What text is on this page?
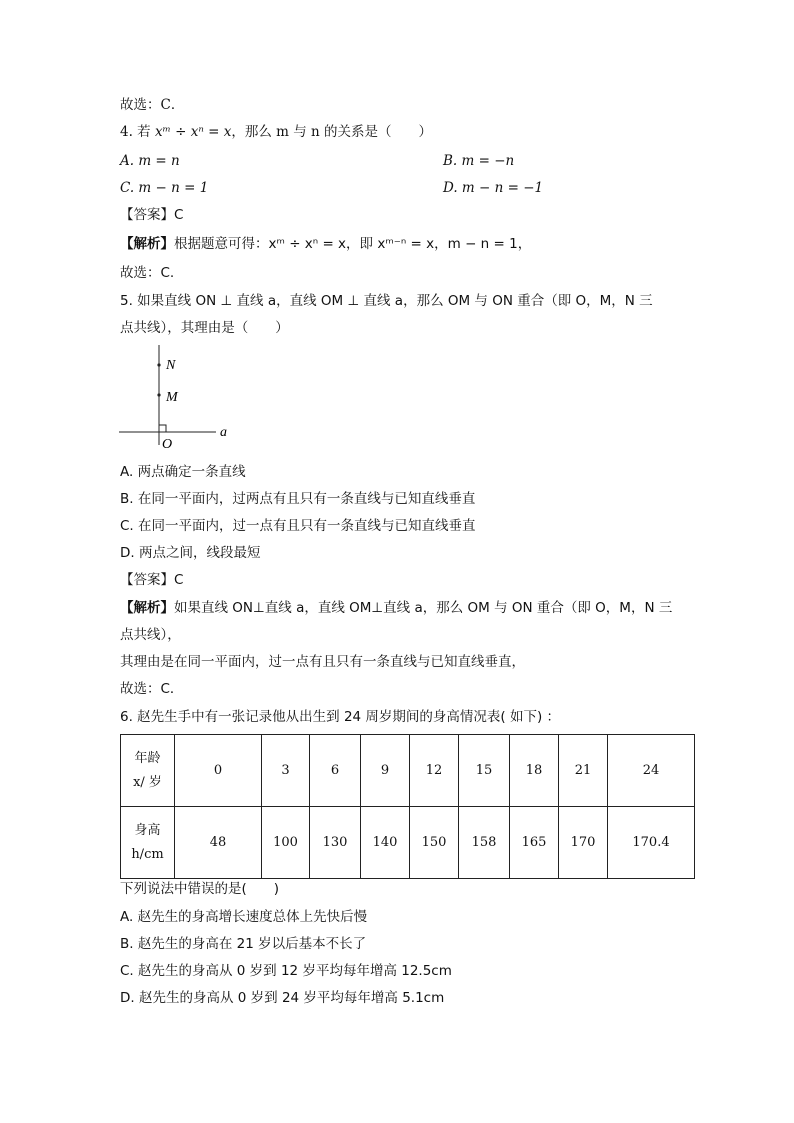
故选：C．
4. 若 xᵐ ÷ xⁿ = x，那么 m 与 n 的关系是（　　）
A. m = n	B. m = −n
C. m − n = 1	D. m − n = −1
【答案】C
【解析】根据题意可得：xᵐ ÷ xⁿ = x，即 xᵐ⁻ⁿ = x，m − n = 1，
故选：C.
5. 如果直线 ON ⊥ 直线 a，直线 OM ⊥ 直线 a，那么 OM 与 ON 重合（即 O，M，N 三
点共线），其理由是（　　）
N
M
O
a
A. 两点确定一条直线
B. 在同一平面内，过两点有且只有一条直线与已知直线垂直
C. 在同一平面内，过一点有且只有一条直线与已知直线垂直
D. 两点之间，线段最短
【答案】C
【解析】如果直线 ON⊥直线 a，直线 OM⊥直线 a，那么 OM 与 ON 重合（即 O，M，N 三
点共线），
其理由是在同一平面内，过一点有且只有一条直线与已知直线垂直，
故选：C．
6. 赵先生手中有一张记录他从出生到 24 周岁期间的身高情况表( 如下) ：
年龄
x/ 岁	0	3	6	9	12	15	18	21	24

身高
h/cm	48	100	130	140	150	158	165	170	170.4
下列说法中错误的是(　　)
A. 赵先生的身高增长速度总体上先快后慢
B. 赵先生的身高在 21 岁以后基本不长了
C. 赵先生的身高从 0 岁到 12 岁平均每年增高 12.5cm
D. 赵先生的身高从 0 岁到 24 岁平均每年增高 5.1cm
